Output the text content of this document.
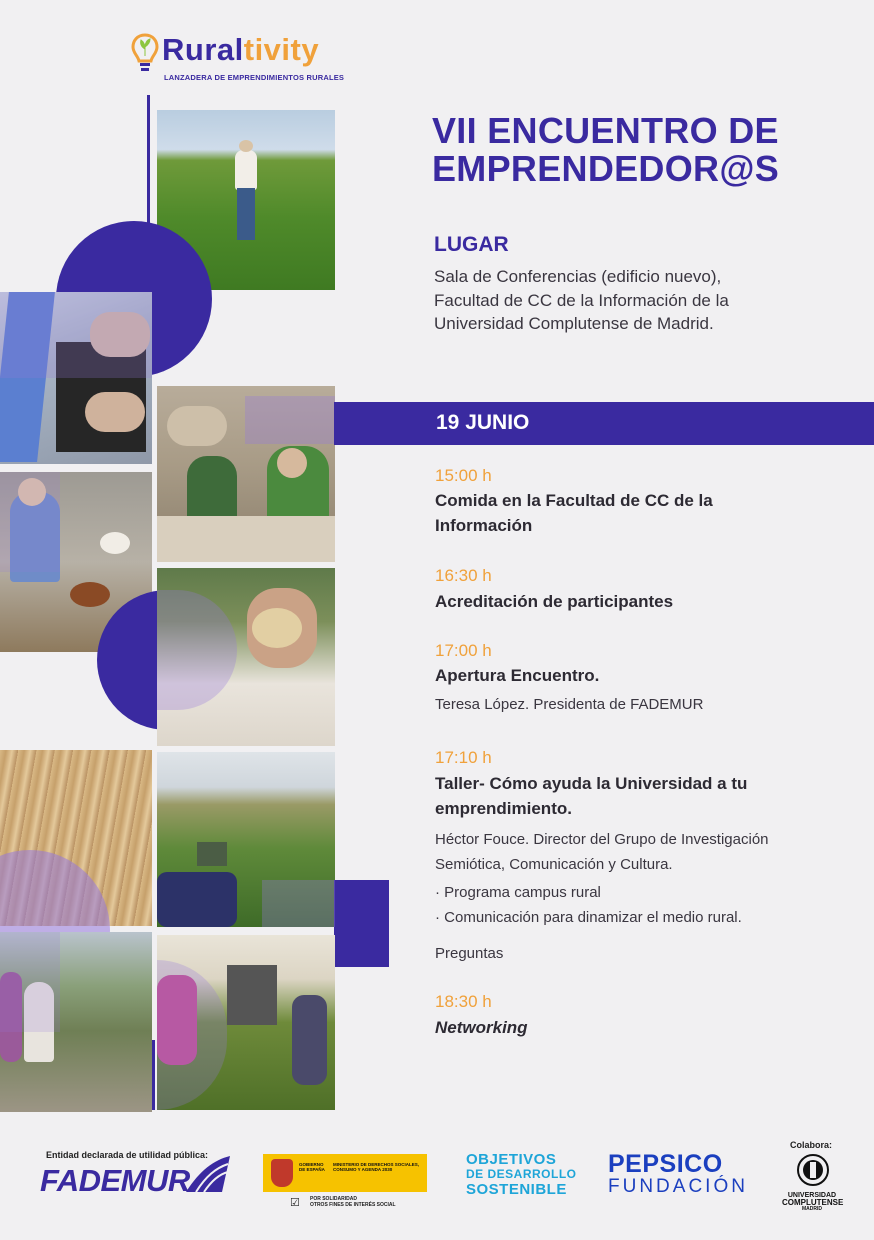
Ruraltivity
LANZADERA DE EMPRENDIMIENTOS RURALES
VII ENCUENTRO DE
EMPRENDEDOR@S
LUGAR
Sala de Conferencias (edificio nuevo),
Facultad de CC de la Información de la
Universidad Complutense de Madrid.
19 JUNIO
15:00 h
Comida en la Facultad de CC de la
Información
16:30 h
Acreditación de participantes
17:00 h
Apertura Encuentro.
Teresa López. Presidenta de FADEMUR
17:10 h
Taller- Cómo ayuda la Universidad a tu
emprendimiento.
Héctor Fouce. Director del Grupo de Investigación
Semiótica, Comunicación y Cultura.
· Programa campus rural
· Comunicación para dinamizar el medio rural.
Preguntas
18:30 h
Networking
Entidad declarada de utilidad pública:
FADEMUR	GOBIERNO DE ESPAÑA
MINISTERIO DE DERECHOS SOCIALES, CONSUMO Y AGENDA 2030
☑ POR SOLIDARIDAD
OTROS FINES DE INTERÉS SOCIAL
OBJETIVOS
DE DESARROLLO
SOSTENIBLE
PEPSICO
FUNDACIÓN
Colabora:
UNIVERSIDAD
COMPLUTENSE
MADRID
